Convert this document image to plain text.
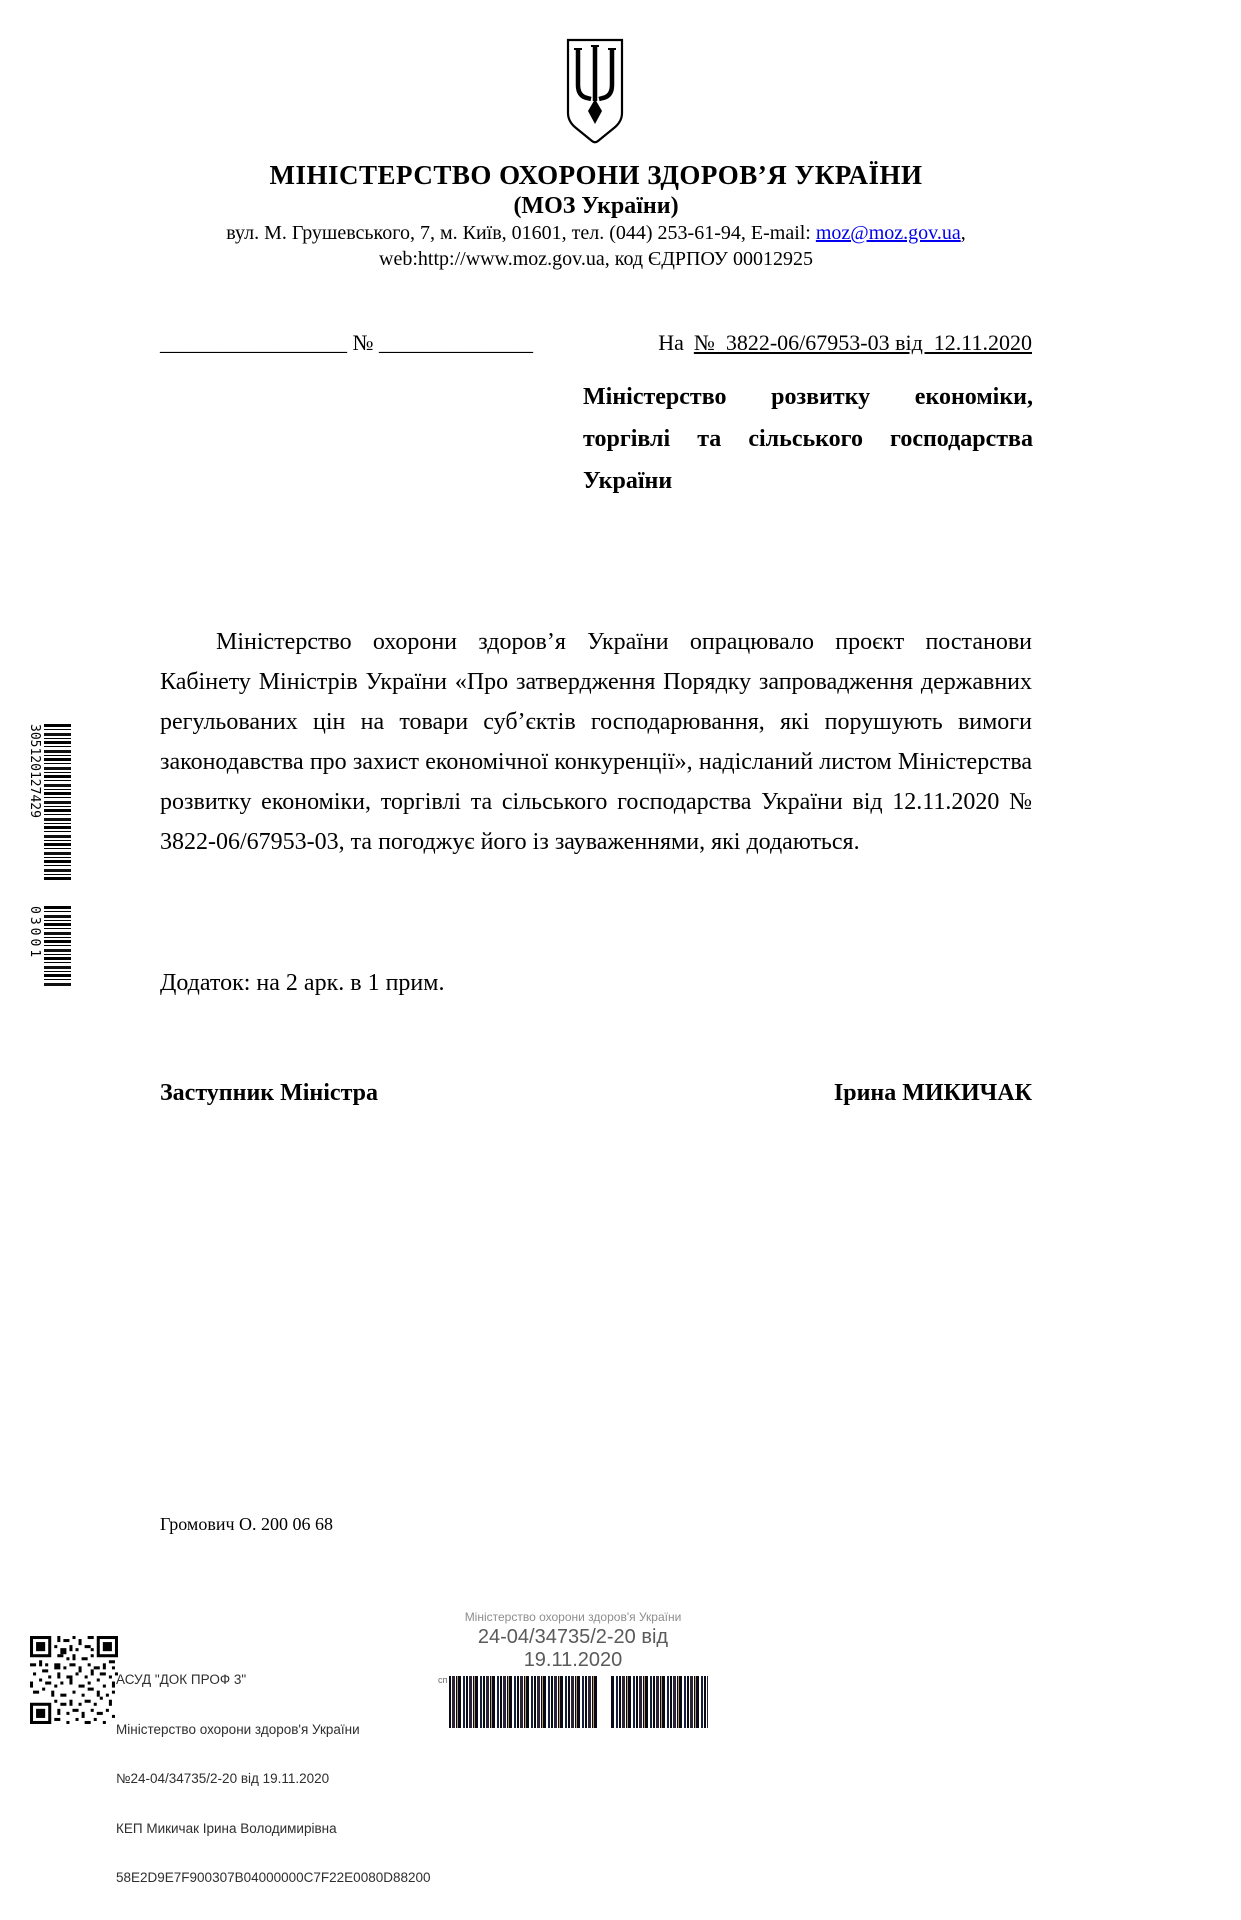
МІНІСТЕРСТВО ОХОРОНИ ЗДОРОВ’Я УКРАЇНИ
(МОЗ України)
вул. М. Грушевського, 7, м. Київ, 01601, тел. (044) 253-61-94, E-mail: moz@moz.gov.ua,
web:http://www.moz.gov.ua, код ЄДРПОУ 00012925
_________________ № ______________	На №  3822-06/67953-03 від  12.11.2020
Міністерство розвитку економіки,
торгівлі та сільського господарства
України

Міністерство охорони здоров’я України опрацювало проєкт постанови Кабінету Міністрів України «Про затвердження Порядку запровадження державних регульованих цін на товари суб’єктів господарювання, які порушують вимоги законодавства про захист економічної конкуренції», надісланий листом Міністерства розвитку економіки, торгівлі та сільського господарства України від 12.11.2020 № 3822-06/67953-03, та погоджує його із зауваженнями, які додаються.

Додаток: на 2 арк. в 1 прим.
Заступник Міністра	Ірина МИКИЧАК
Громович О. 200 06 68
305120127429
03001

АСУД "ДОК ПРОФ 3"

Міністерство охорони здоров'я України

№24-04/34735/2-20 від 19.11.2020

КЕП Микичак Ірина Володимирівна

58E2D9E7F900307B04000000C7F22E0080D88200

Міністерство охорони здоров'я України
24-04/34735/2-20 від 19.11.2020
сп
